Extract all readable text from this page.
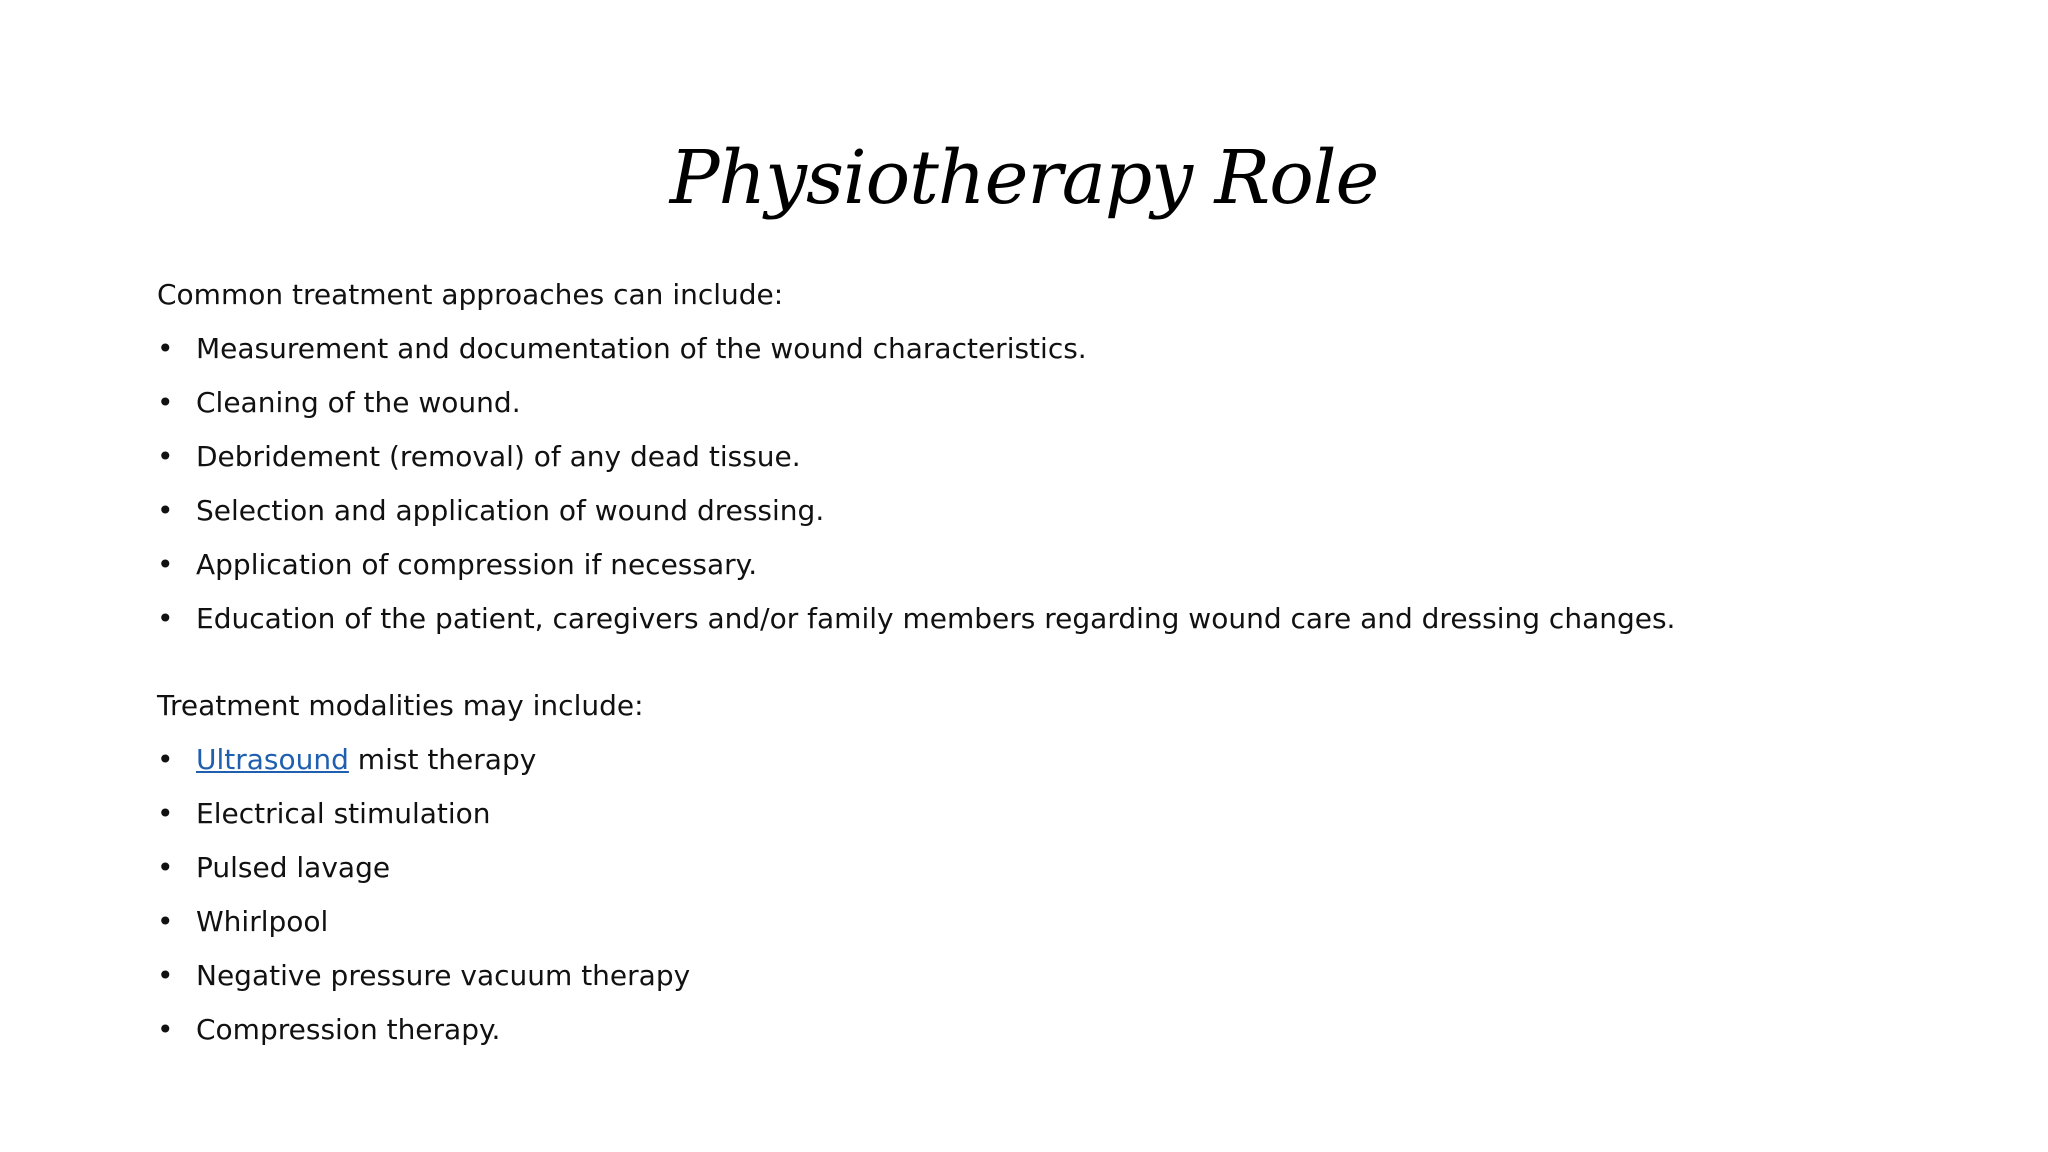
Physiotherapy Role

Common treatment approaches can include:

• Measurement and documentation of the wound characteristics.
• Cleaning of the wound.
• Debridement (removal) of any dead tissue.
• Selection and application of wound dressing.
• Application of compression if necessary.
• Education of the patient, caregivers and/or family members regarding wound care and dressing changes.

Treatment modalities may include:

• Ultrasound mist therapy
• Electrical stimulation
• Pulsed lavage
• Whirlpool
• Negative pressure vacuum therapy
• Compression therapy.
